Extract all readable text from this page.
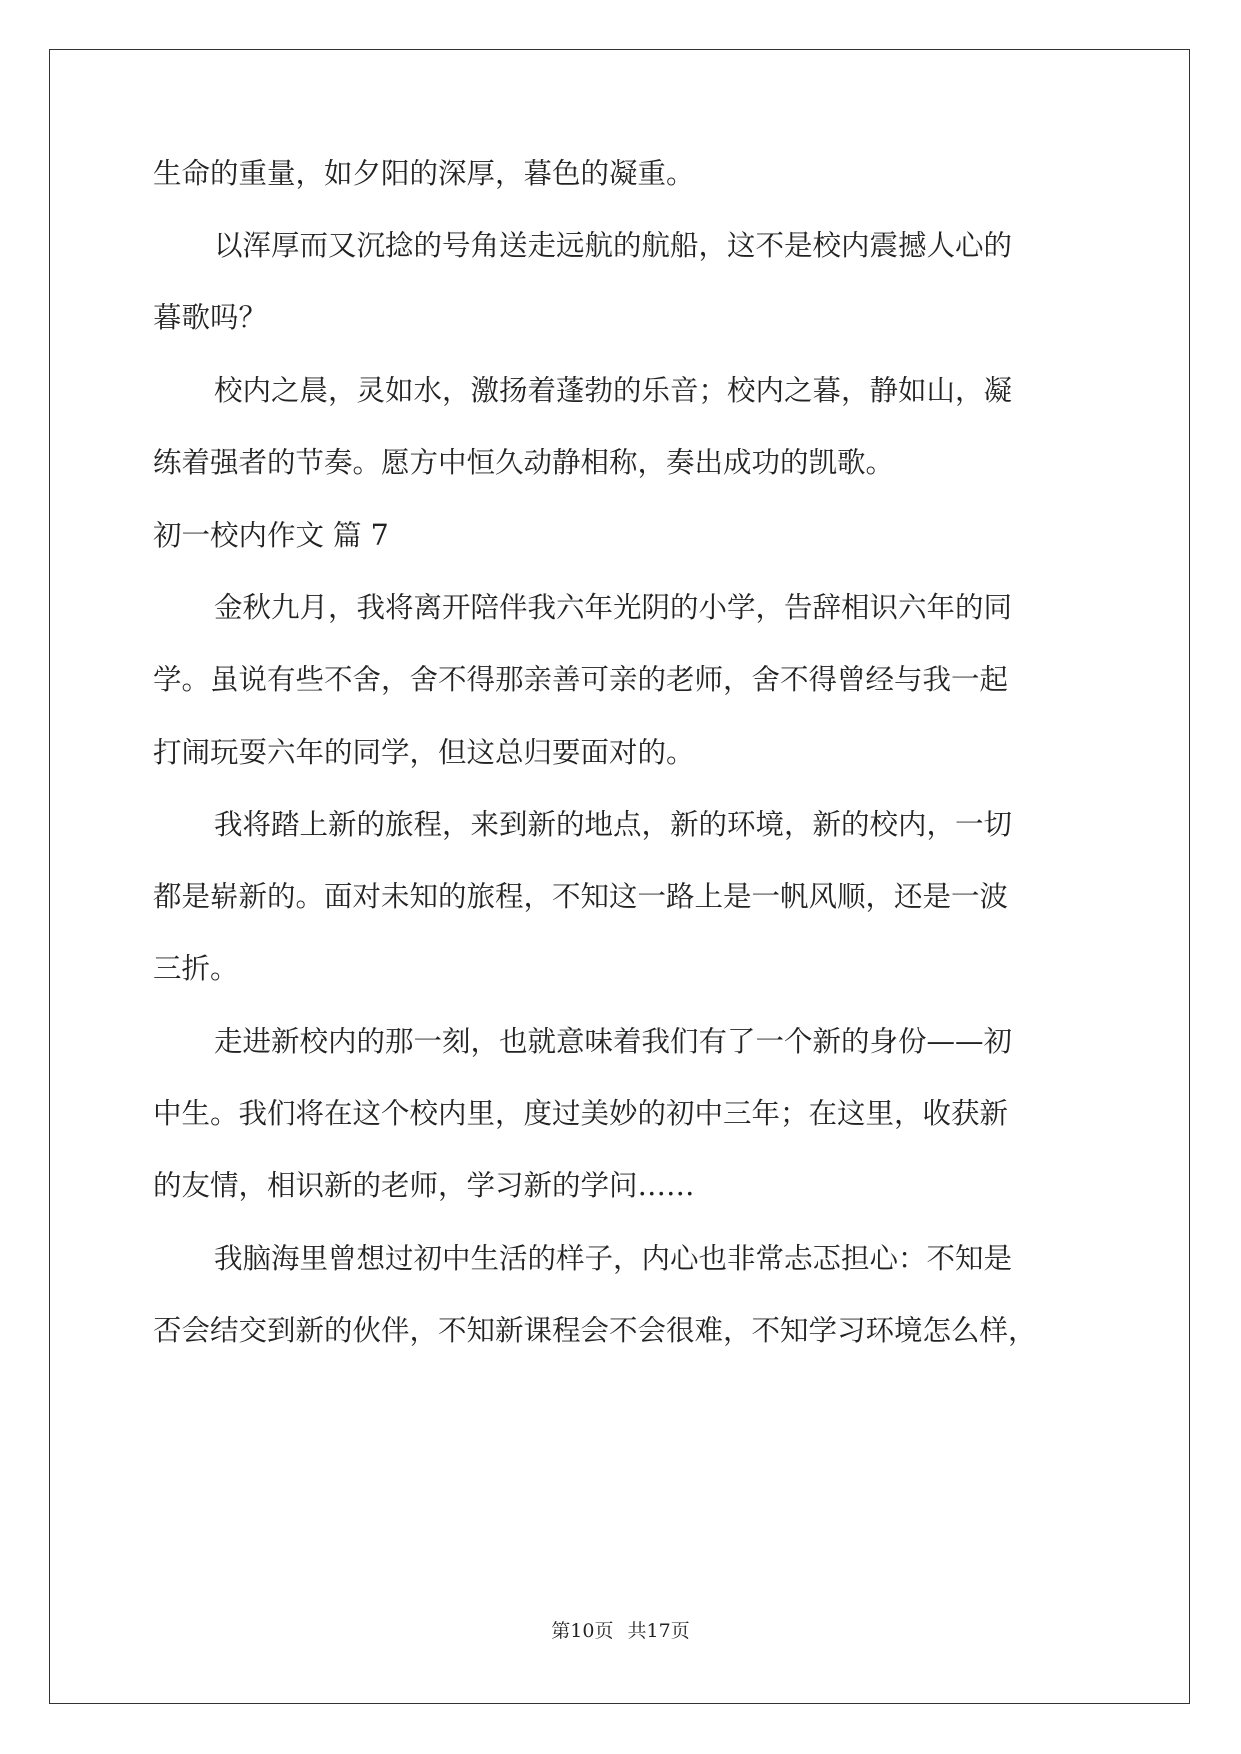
生命的重量，如夕阳的深厚，暮色的凝重。
以浑厚而又沉捻的号角送走远航的航船，这不是校内震撼人心的
暮歌吗？
校内之晨，灵如水，激扬着蓬勃的乐音；校内之暮，静如山，凝
练着强者的节奏。愿方中恒久动静相称，奏出成功的凯歌。
初一校内作文 篇 7
金秋九月，我将离开陪伴我六年光阴的小学，告辞相识六年的同
学。虽说有些不舍，舍不得那亲善可亲的老师，舍不得曾经与我一起
打闹玩耍六年的同学，但这总归要面对的。
我将踏上新的旅程，来到新的地点，新的环境，新的校内，一切
都是崭新的。面对未知的旅程，不知这一路上是一帆风顺，还是一波
三折。
走进新校内的那一刻，也就意味着我们有了一个新的身份——初
中生。我们将在这个校内里，度过美妙的初中三年；在这里，收获新
的友情，相识新的老师，学习新的学问……
我脑海里曾想过初中生活的样子，内心也非常忐忑担心：不知是
否会结交到新的伙伴，不知新课程会不会很难，不知学习环境怎么样，
第10页 共17页
